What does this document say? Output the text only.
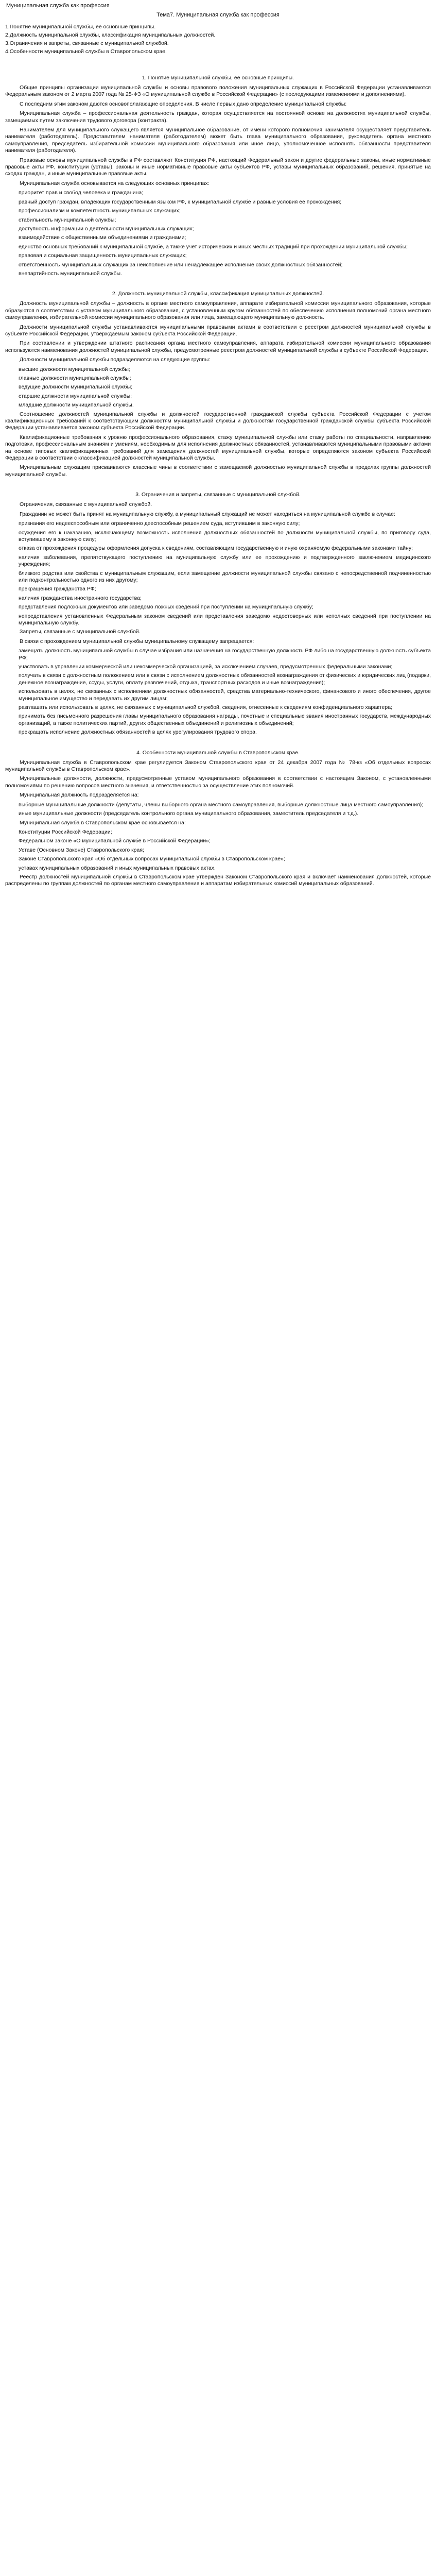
Муниципальная служба как профессия
Тема7. Муниципальная служба как профессия
1.Понятие муниципальной службы, ее основные принципы.
2.Должность муниципальной службы, классификация муниципальных должностей.
3.Ограничения и запреты, связанные с муниципальной службой.
4.Особенности муниципальной службы в Ставропольском крае.
1. Понятие муниципальной службы, ее основные принципы.
Общие принципы организации муниципальной службы и основы правового положения муниципальных служащих в Российской Федерации устанавливаются Федеральным законом от 2 марта 2007 года № 25-ФЗ «О муниципальной службе в Российской Федерации» (с последующими изменениями и дополнениями).
С последним этим законом даются основополагающие определения. В числе первых дано определение муниципальной службы:
Муниципальная служба – профессиональная деятельность граждан, которая осуществляется на постоянной основе на должностях муниципальной службы, замещаемых путем заключения трудового договора (контракта).
Нанимателем для муниципального служащего является муниципальное образование, от имени которого полномочия нанимателя осуществляет представитель нанимателя (работодатель). Представителем нанимателя (работодателем) может быть глава муниципального образования, руководитель органа местного самоуправления, председатель избирательной комиссии муниципального образования или иное лицо, уполномоченное исполнять обязанности представителя нанимателя (работодателя).
Правовые основы муниципальной службы в РФ составляют Конституция РФ, настоящий Федеральный закон и другие федеральные законы, иные нормативные правовые акты РФ, конституции (уставы), законы и иные нормативные правовые акты субъектов РФ, уставы муниципальных образований, решения, принятые на сходах граждан, и иные муниципальные правовые акты.
Муниципальная служба основывается на следующих основных принципах:
приоритет прав и свобод человека и гражданина;
равный доступ граждан, владеющих государственным языком РФ, к муниципальной службе и равные условия ее прохождения;
профессионализм и компетентность муниципальных служащих;
стабильность муниципальной службы;
доступность информации о деятельности муниципальных служащих;
взаимодействие с общественными объединениями и гражданами;
единство основных требований к муниципальной службе, а также учет исторических и иных местных традиций при прохождении муниципальной службы;
правовая и социальная защищенность муниципальных служащих;
ответственность муниципальных служащих за неисполнение или ненадлежащее исполнение своих должностных обязанностей;
внепартийность муниципальной службы.
2. Должность муниципальной службы, классификация муниципальных должностей.
Должность муниципальной службы – должность в органе местного самоуправления, аппарате избирательной комиссии муниципального образования, которые образуются в соответствии с уставом муниципального образования, с установленным кругом обязанностей по обеспечению исполнения полномочий органа местного самоуправления, избирательной комиссии муниципального образования или лица, замещающего муниципальную должность.
Должности муниципальной службы устанавливаются муниципальными правовыми актами в соответствии с реестром должностей муниципальной службы в субъекте Российской Федерации, утверждаемым законом субъекта Российской Федерации.
При составлении и утверждении штатного расписания органа местного самоуправления, аппарата избирательной комиссии муниципального образования используются наименования должностей муниципальной службы, предусмотренные реестром должностей муниципальной службы в субъекте Российской Федерации.
Должности муниципальной службы подразделяются на следующие группы:
высшие должности муниципальной службы;
главные должности муниципальной службы;
ведущие должности муниципальной службы;
старшие должности муниципальной службы;
младшие должности муниципальной службы.
Соотношение должностей муниципальной службы и должностей государственной гражданской службы субъекта Российской Федерации с учетом квалификационных требований к соответствующим должностям муниципальной службы и должностям государственной гражданской службы субъекта Российской Федерации устанавливается законом субъекта Российской Федерации.
Квалификационные требования к уровню профессионального образования, стажу муниципальной службы или стажу работы по специальности, направлению подготовки, профессиональным знаниям и умениям, необходимым для исполнения должностных обязанностей, устанавливаются муниципальными правовыми актами на основе типовых квалификационных требований для замещения должностей муниципальной службы, которые определяются законом субъекта Российской Федерации в соответствии с классификацией должностей муниципальной службы.
Муниципальным служащим присваиваются классные чины в соответствии с замещаемой должностью муниципальной службы в пределах группы должностей муниципальной службы.
3. Ограничения и запреты, связанные с муниципальной службой.
Ограничения, связанные с муниципальной службой.
Гражданин не может быть принят на муниципальную службу, а муниципальный служащий не может находиться на муниципальной службе в случае:
признания его недееспособным или ограниченно дееспособным решением суда, вступившим в законную силу;
осуждения его к наказанию, исключающему возможность исполнения должностных обязанностей по должности муниципальной службы, по приговору суда, вступившему в законную силу;
отказа от прохождения процедуры оформления допуска к сведениям, составляющим государственную и иную охраняемую федеральными законами тайну;
наличия заболевания, препятствующего поступлению на муниципальную службу или ее прохождению и подтвержденного заключением медицинского учреждения;
близкого родства или свойства с муниципальным служащим, если замещение должности муниципальной службы связано с непосредственной подчиненностью или подконтрольностью одного из них другому;
прекращения гражданства РФ;
наличия гражданства иностранного государства;
представления подложных документов или заведомо ложных сведений при поступлении на муниципальную службу;
непредставления установленных Федеральным законом сведений или представления заведомо недостоверных или неполных сведений при поступлении на муниципальную службу.
Запреты, связанные с муниципальной службой.
В связи с прохождением муниципальной службы муниципальному служащему запрещается:
замещать должность муниципальной службы в случае избрания или назначения на государственную должность РФ либо на государственную должность субъекта РФ;
участвовать в управлении коммерческой или некоммерческой организацией, за исключением случаев, предусмотренных федеральными законами;
получать в связи с должностным положением или в связи с исполнением должностных обязанностей вознаграждения от физических и юридических лиц (подарки, денежное вознаграждение, ссуды, услуги, оплату развлечений, отдыха, транспортных расходов и иные вознаграждения);
использовать в целях, не связанных с исполнением должностных обязанностей, средства материально-технического, финансового и иного обеспечения, другое муниципальное имущество и передавать их другим лицам;
разглашать или использовать в целях, не связанных с муниципальной службой, сведения, отнесенные к сведениям конфиденциального характера;
принимать без письменного разрешения главы муниципального образования награды, почетные и специальные звания иностранных государств, международных организаций, а также политических партий, других общественных объединений и религиозных объединений;
прекращать исполнение должностных обязанностей в целях урегулирования трудового спора.
4. Особенности муниципальной службы в Ставропольском крае.
Муниципальная служба в Ставропольском крае регулируется Законом Ставропольского края от 24 декабря 2007 года № 78-кз «Об отдельных вопросах муниципальной службы в Ставропольском крае».
Муниципальные должности, должности, предусмотренные уставом муниципального образования в соответствии с настоящим Законом, с установленными полномочиями по решению вопросов местного значения, и ответственностью за осуществление этих полномочий.
Муниципальная должность подразделяется на:
выборные муниципальные должности (депутаты, члены выборного органа местного самоуправления, выборные должностные лица местного самоуправления);
иные муниципальные должности (председатель контрольного органа муниципального образования, заместитель председателя и т.д.).
Муниципальная служба в Ставропольском крае основывается на:
Конституции Российской Федерации;
Федеральном законе «О муниципальной службе в Российской Федерации»;
Уставе (Основном Законе) Ставропольского края;
Законе Ставропольского края «Об отдельных вопросах муниципальной службы в Ставропольском крае»;
уставах муниципальных образований и иных муниципальных правовых актах.
Реестр должностей муниципальной службы в Ставропольском крае утвержден Законом Ставропольского края и включает наименования должностей, которые распределены по группам должностей по органам местного самоуправления и аппаратам избирательных комиссий муниципальных образований.
